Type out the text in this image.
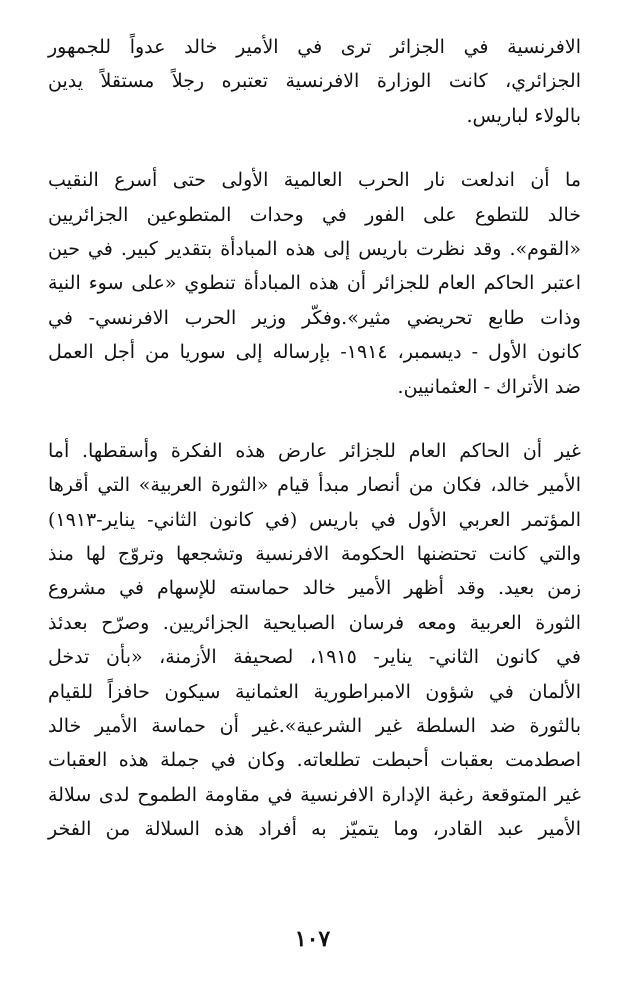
الافرنسية في الجزائر ترى في الأمير خالد عدواً للجمهور
الجزائري، كانت الوزارة الافرنسية تعتبره رجلاً مستقلاً يدين
بالولاء لباريس.

ما أن اندلعت نار الحرب العالمية الأولى حتى أسرع النقيب
خالد للتطوع على الفور في وحدات المتطوعين الجزائريين
«القوم». وقد نظرت باريس إلى هذه المبادأة بتقدير كبير. في حين
اعتبر الحاكم العام للجزائر أن هذه المبادأة تنطوي «على سوء النية
وذات طابع تحريضي مثير».وفكّر وزير الحرب الافرنسي- في
كانون الأول - ديسمبر، ١٩١٤- بإرساله إلى سوريا من أجل العمل
ضد الأتراك - العثمانيين.

غير أن الحاكم العام للجزائر عارض هذه الفكرة وأسقطها. أما
الأمير خالد، فكان من أنصار مبدأ قيام «الثورة العربية» التي أقرها
المؤتمر العربي الأول في باريس (في كانون الثاني- يناير-١٩١٣)
والتي كانت تحتضنها الحكومة الافرنسية وتشجعها وتروّج لها منذ
زمن بعيد. وقد أظهر الأمير خالد حماسته للإسهام في مشروع
الثورة العربية ومعه فرسان الصبايحية الجزائريين. وصرّح بعدئذ
في كانون الثاني- يناير- ١٩١٥، لصحيفة الأزمنة، «بأن تدخل
الألمان في شؤون الامبراطورية العثمانية سيكون حافزاً للقيام
بالثورة ضد السلطة غير الشرعية».غير أن حماسة الأمير خالد
اصطدمت بعقبات أحبطت تطلعاته. وكان في جملة هذه العقبات
غير المتوقعة رغبة الإدارة الافرنسية في مقاومة الطموح لدى سلالة
الأمير عبد القادر، وما يتميّز به أفراد هذه السلالة من الفخر

١٠٧
